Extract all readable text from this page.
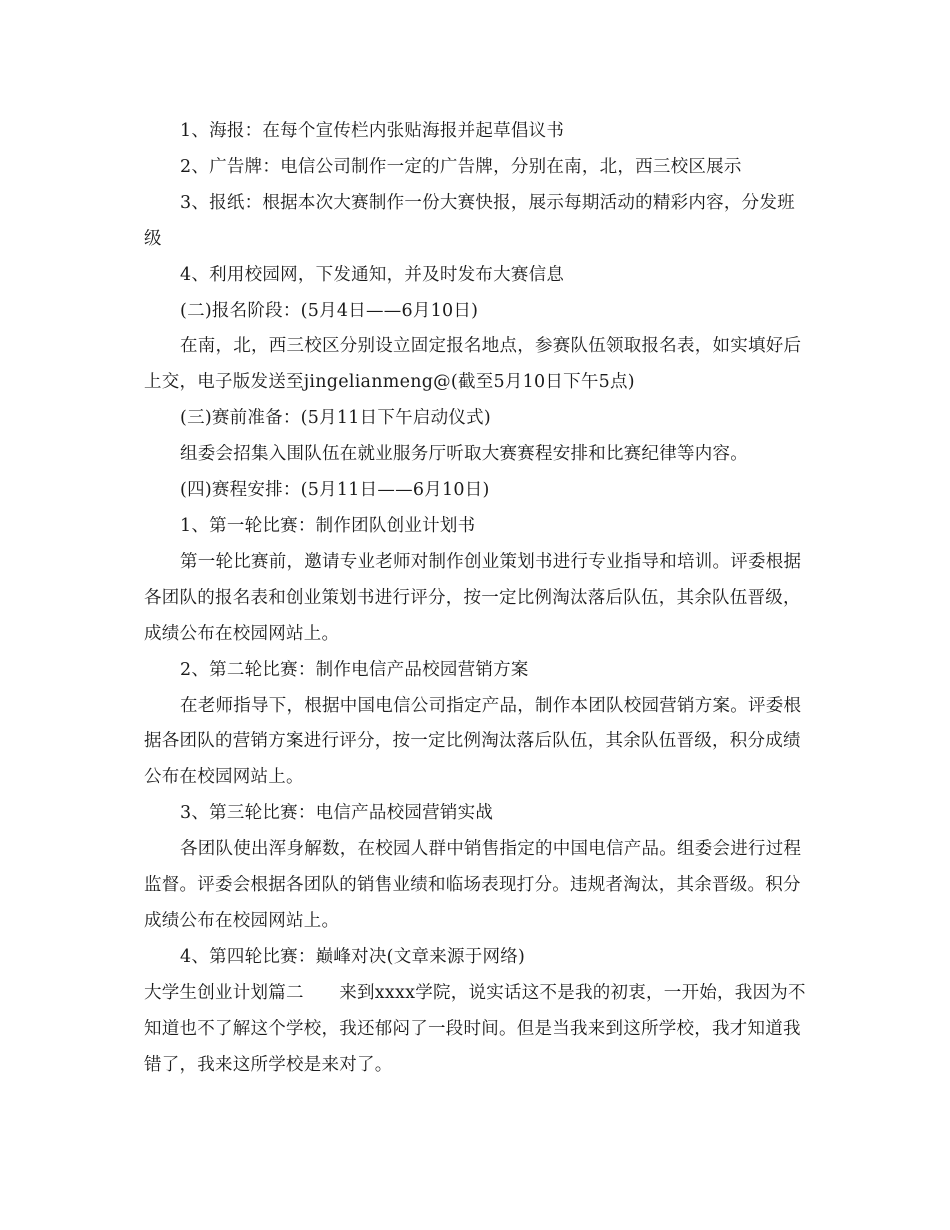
1、海报：在每个宣传栏内张贴海报并起草倡议书

2、广告牌：电信公司制作一定的广告牌，分别在南，北，西三校区展示

3、报纸：根据本次大赛制作一份大赛快报，展示每期活动的精彩内容，分发班级

4、利用校园网，下发通知，并及时发布大赛信息

(二)报名阶段：(5月4日——6月10日)

在南，北，西三校区分别设立固定报名地点，参赛队伍领取报名表，如实填好后上交，电子版发送至jingelianmeng@(截至5月10日下午5点)

(三)赛前准备：(5月11日下午启动仪式)

组委会招集入围队伍在就业服务厅听取大赛赛程安排和比赛纪律等内容。

(四)赛程安排：(5月11日——6月10日)

1、第一轮比赛：制作团队创业计划书

第一轮比赛前，邀请专业老师对制作创业策划书进行专业指导和培训。评委根据各团队的报名表和创业策划书进行评分，按一定比例淘汰落后队伍，其余队伍晋级，成绩公布在校园网站上。

2、第二轮比赛：制作电信产品校园营销方案

在老师指导下，根据中国电信公司指定产品，制作本团队校园营销方案。评委根据各团队的营销方案进行评分，按一定比例淘汰落后队伍，其余队伍晋级，积分成绩公布在校园网站上。

3、第三轮比赛：电信产品校园营销实战

各团队使出浑身解数，在校园人群中销售指定的中国电信产品。组委会进行过程监督。评委会根据各团队的销售业绩和临场表现打分。违规者淘汰，其余晋级。积分成绩公布在校园网站上。

4、第四轮比赛：巅峰对决(文章来源于网络)

大学生创业计划篇二　　来到xxxx学院，说实话这不是我的初衷，一开始，我因为不知道也不了解这个学校，我还郁闷了一段时间。但是当我来到这所学校，我才知道我错了，我来这所学校是来对了。
